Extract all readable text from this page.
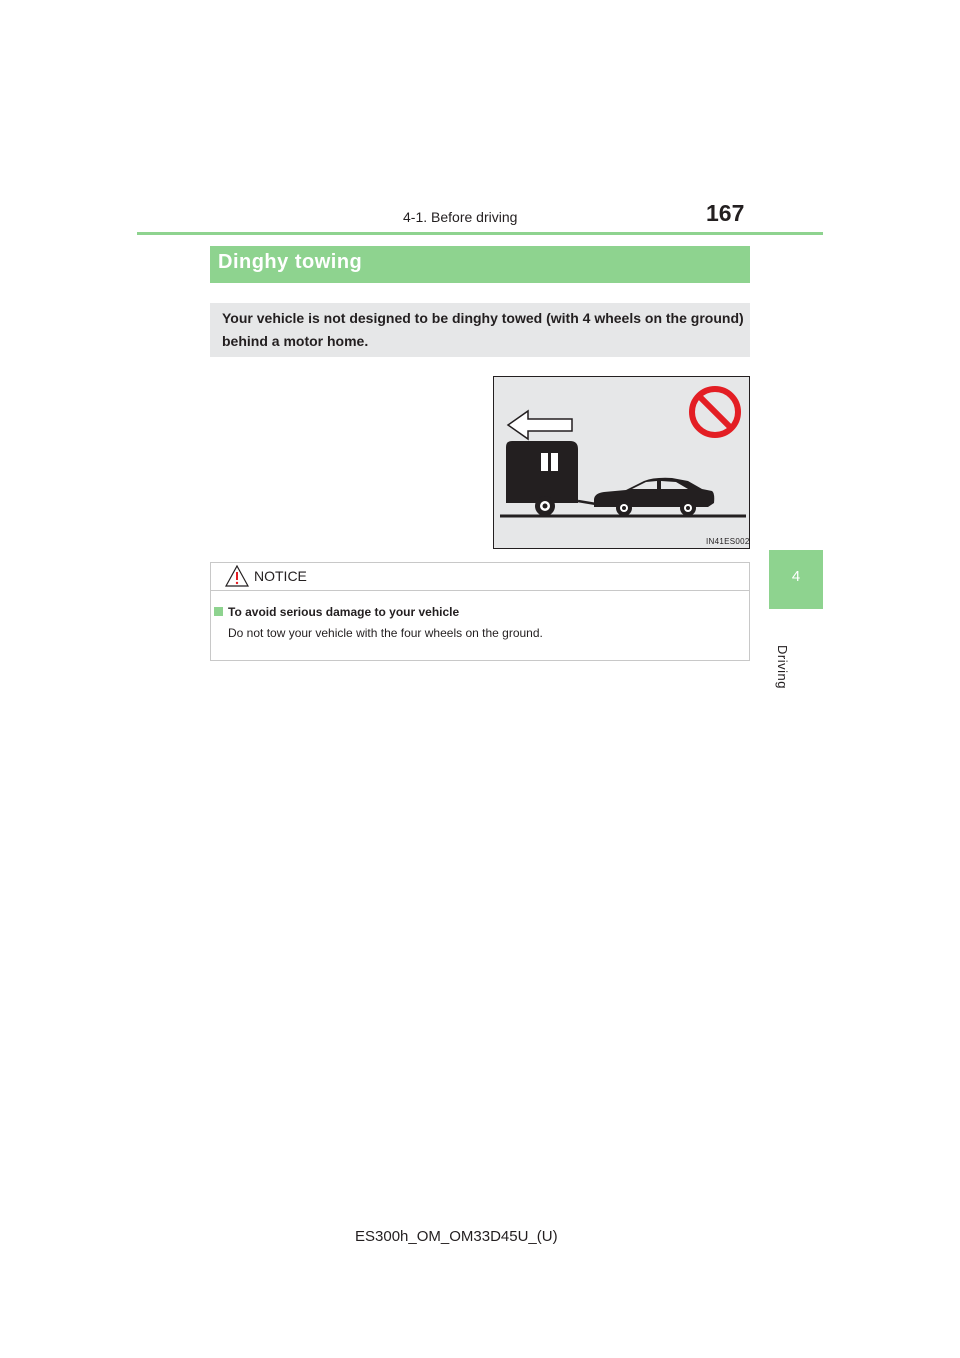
4-1. Before driving	167
4
Driving
Dinghy towing
Your vehicle is not designed to be dinghy towed (with 4 wheels on the ground) behind a motor home.
IN41ES002
NOTICE
To avoid serious damage to your vehicle
Do not tow your vehicle with the four wheels on the ground.
ES300h_OM_OM33D45U_(U)
